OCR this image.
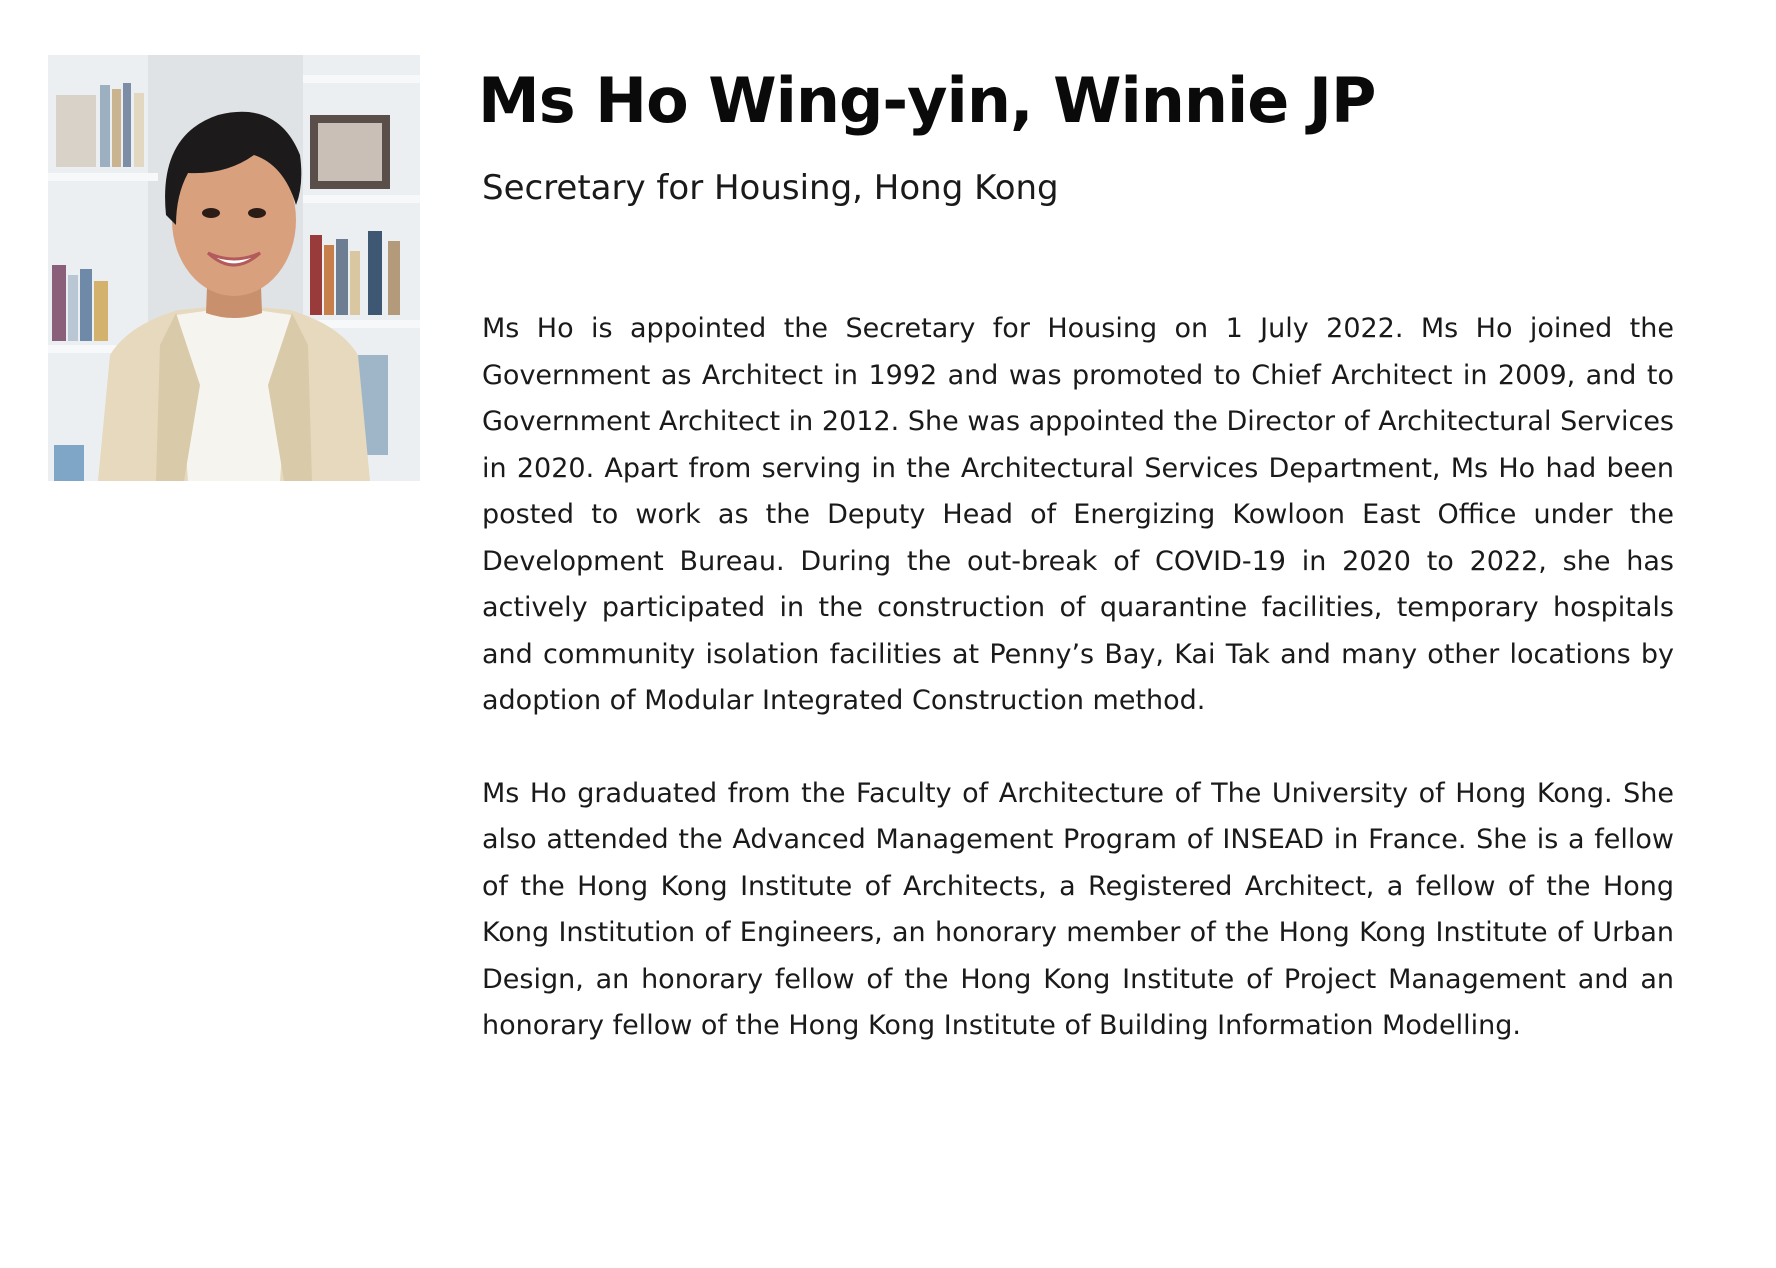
Ms Ho Wing-yin, Winnie JP
Secretary for Housing, Hong Kong

Ms Ho is appointed the Secretary for Housing on 1 July 2022. Ms Ho joined the Government as Architect in 1992 and was promoted to Chief Architect in 2009, and to Government Architect in 2012. She was appointed the Director of Architectural Services in 2020. Apart from serving in the Architectural Services Department, Ms Ho had been posted to work as the Deputy Head of Energizing Kowloon East Office under the Development Bureau. During the out-break of COVID-19 in 2020 to 2022, she has actively participated in the construction of quarantine facilities, temporary hospitals and community isolation facilities at Penny’s Bay, Kai Tak and many other locations by adoption of Modular Integrated Construction method.

Ms Ho graduated from the Faculty of Architecture of The University of Hong Kong. She also attended the Advanced Management Program of INSEAD in France. She is a fellow of the Hong Kong Institute of Architects, a Registered Architect, a fellow of the Hong Kong Institution of Engineers, an honorary member of the Hong Kong Institute of Urban Design, an honorary fellow of the Hong Kong Institute of Project Management and an honorary fellow of the Hong Kong Institute of Building Information Modelling.
